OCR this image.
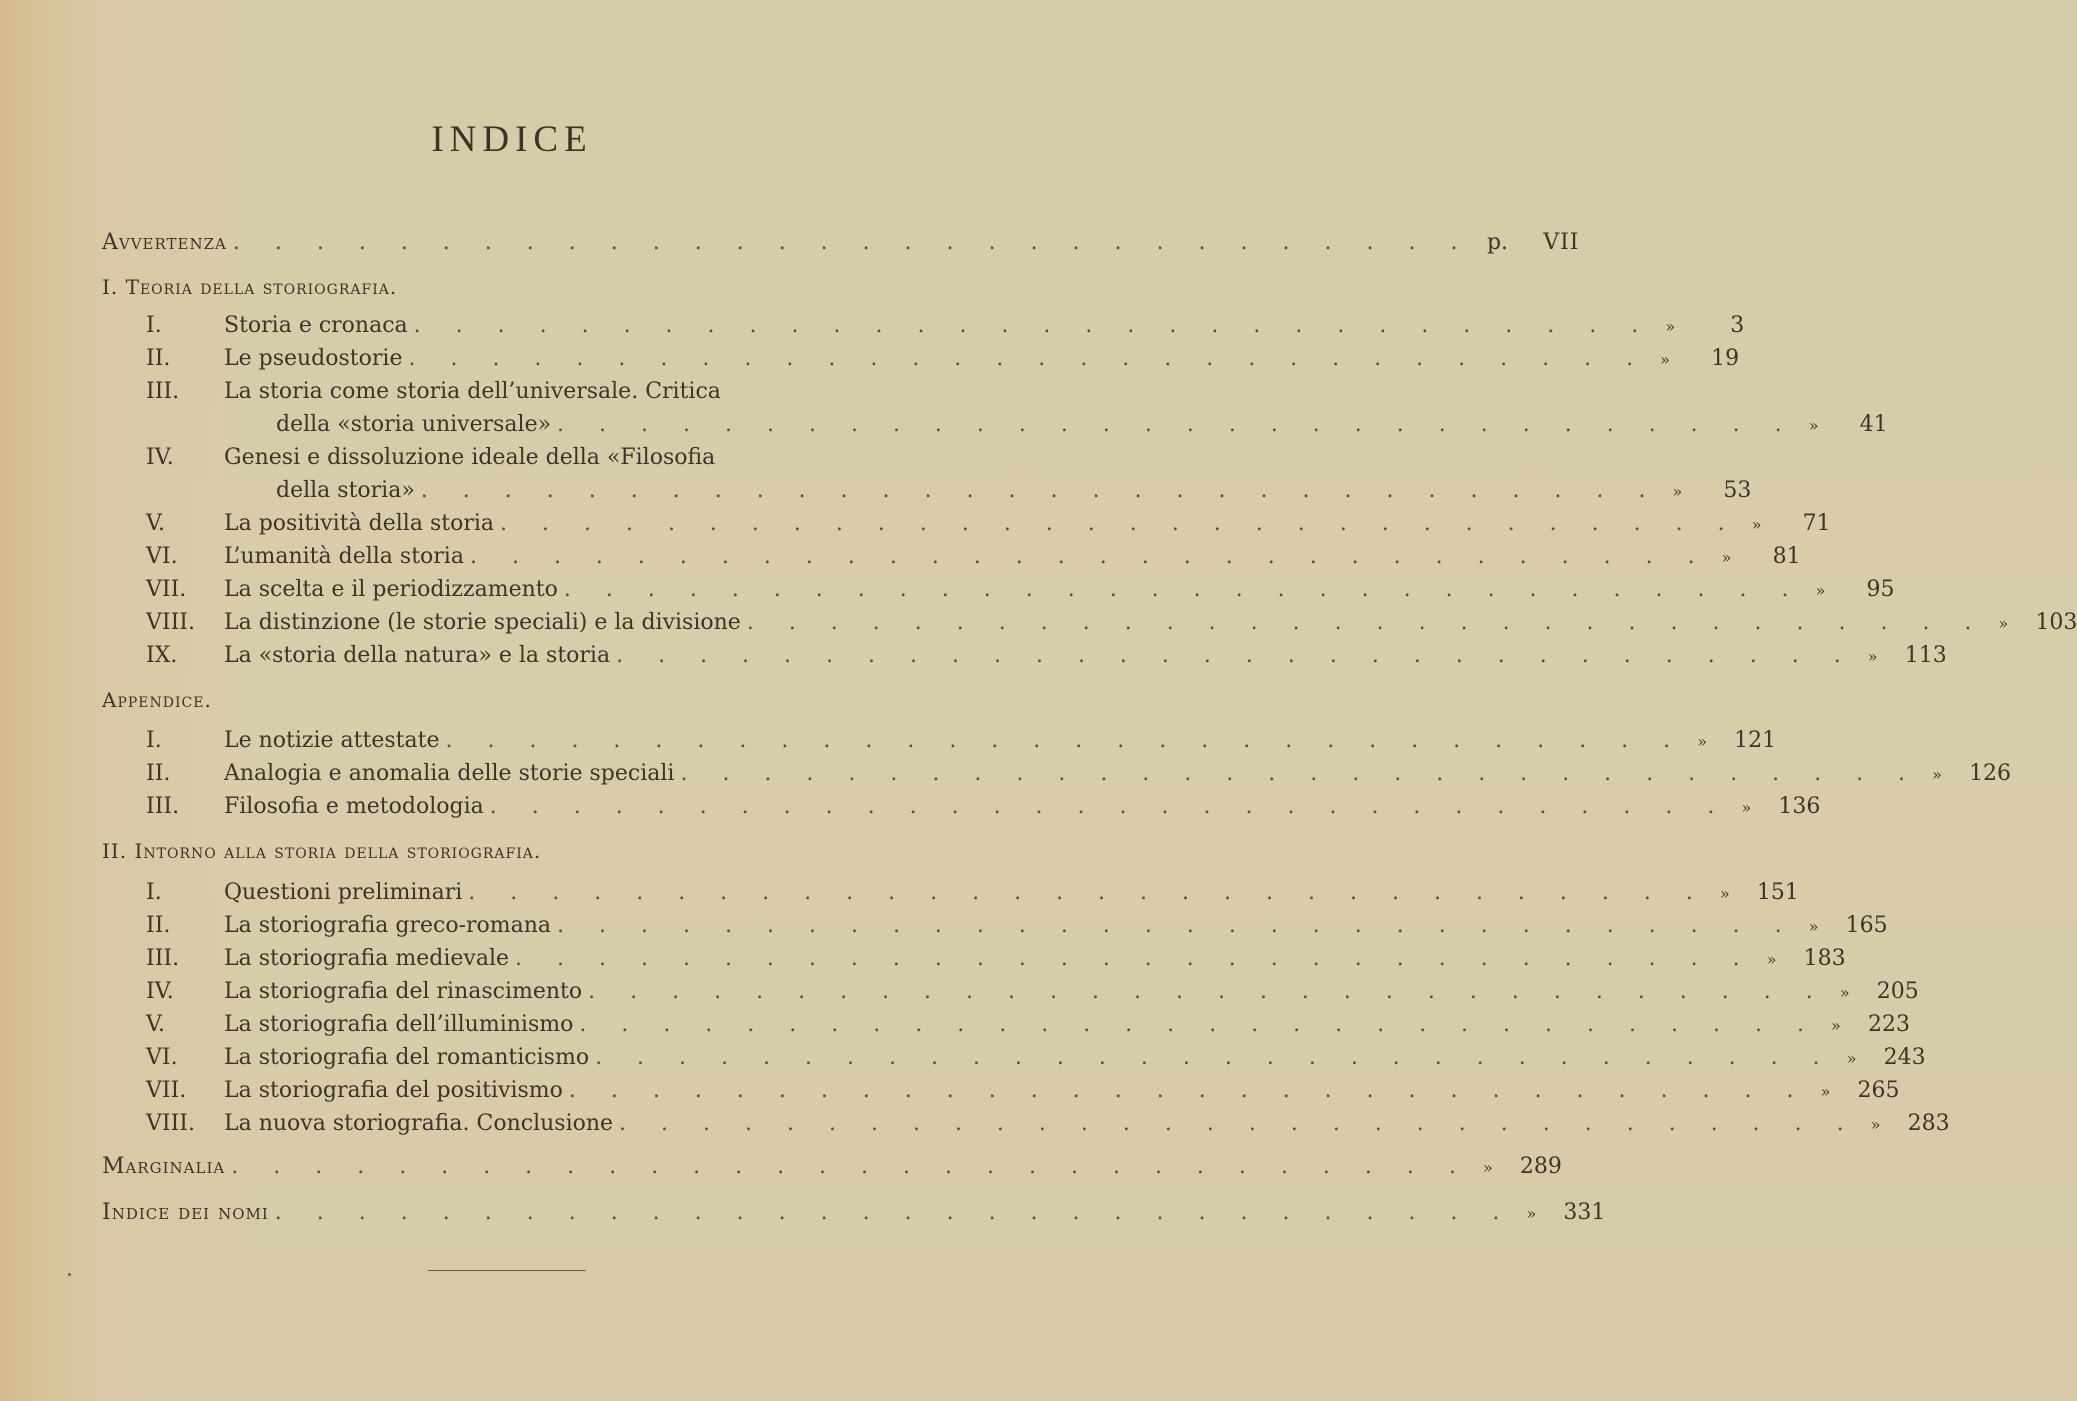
INDICE
Avvertenza . . . . . . . . . . . . . . . . . . . . . . . . . . . . . . p.	VII
I. Teoria della storiografia.
I.	Storia e cronaca . . . . . . . . . . . . . . . . . . . . . . . . . . . . . . »	3
II.	Le pseudostorie . . . . . . . . . . . . . . . . . . . . . . . . . . . . . . »	19
III.	La storia come storia dell’universale. Critica
della «storia universale» . . . . . . . . . . . . . . . . . . . . . . . . . . . . . . »	41
IV.	Genesi e dissoluzione ideale della «Filosofia
della storia» . . . . . . . . . . . . . . . . . . . . . . . . . . . . . . »	53
V.	La positività della storia . . . . . . . . . . . . . . . . . . . . . . . . . . . . . . »	71
VI.	L’umanità della storia . . . . . . . . . . . . . . . . . . . . . . . . . . . . . . »	81
VII.	La scelta e il periodizzamento . . . . . . . . . . . . . . . . . . . . . . . . . . . . . . »	95
VIII.	La distinzione (le storie speciali) e la divisione . . . . . . . . . . . . . . . . . . . . . . . . . . . . . . »	103
IX.	La «storia della natura» e la storia . . . . . . . . . . . . . . . . . . . . . . . . . . . . . . »	113
Appendice.
I.	Le notizie attestate . . . . . . . . . . . . . . . . . . . . . . . . . . . . . . »	121
II.	Analogia e anomalia delle storie speciali . . . . . . . . . . . . . . . . . . . . . . . . . . . . . . »	126
III.	Filosofia e metodologia . . . . . . . . . . . . . . . . . . . . . . . . . . . . . . »	136
II. Intorno alla storia della storiografia.
I.	Questioni preliminari . . . . . . . . . . . . . . . . . . . . . . . . . . . . . . »	151
II.	La storiografia greco-romana . . . . . . . . . . . . . . . . . . . . . . . . . . . . . . »	165
III.	La storiografia medievale . . . . . . . . . . . . . . . . . . . . . . . . . . . . . . »	183
IV.	La storiografia del rinascimento . . . . . . . . . . . . . . . . . . . . . . . . . . . . . . »	205
V.	La storiografia dell’illuminismo . . . . . . . . . . . . . . . . . . . . . . . . . . . . . . »	223
VI.	La storiografia del romanticismo . . . . . . . . . . . . . . . . . . . . . . . . . . . . . . »	243
VII.	La storiografia del positivismo . . . . . . . . . . . . . . . . . . . . . . . . . . . . . . »	265
VIII.	La nuova storiografia. Conclusione . . . . . . . . . . . . . . . . . . . . . . . . . . . . . . »	283
Marginalia . . . . . . . . . . . . . . . . . . . . . . . . . . . . . . »	289
Indice dei nomi . . . . . . . . . . . . . . . . . . . . . . . . . . . . . . »	331
